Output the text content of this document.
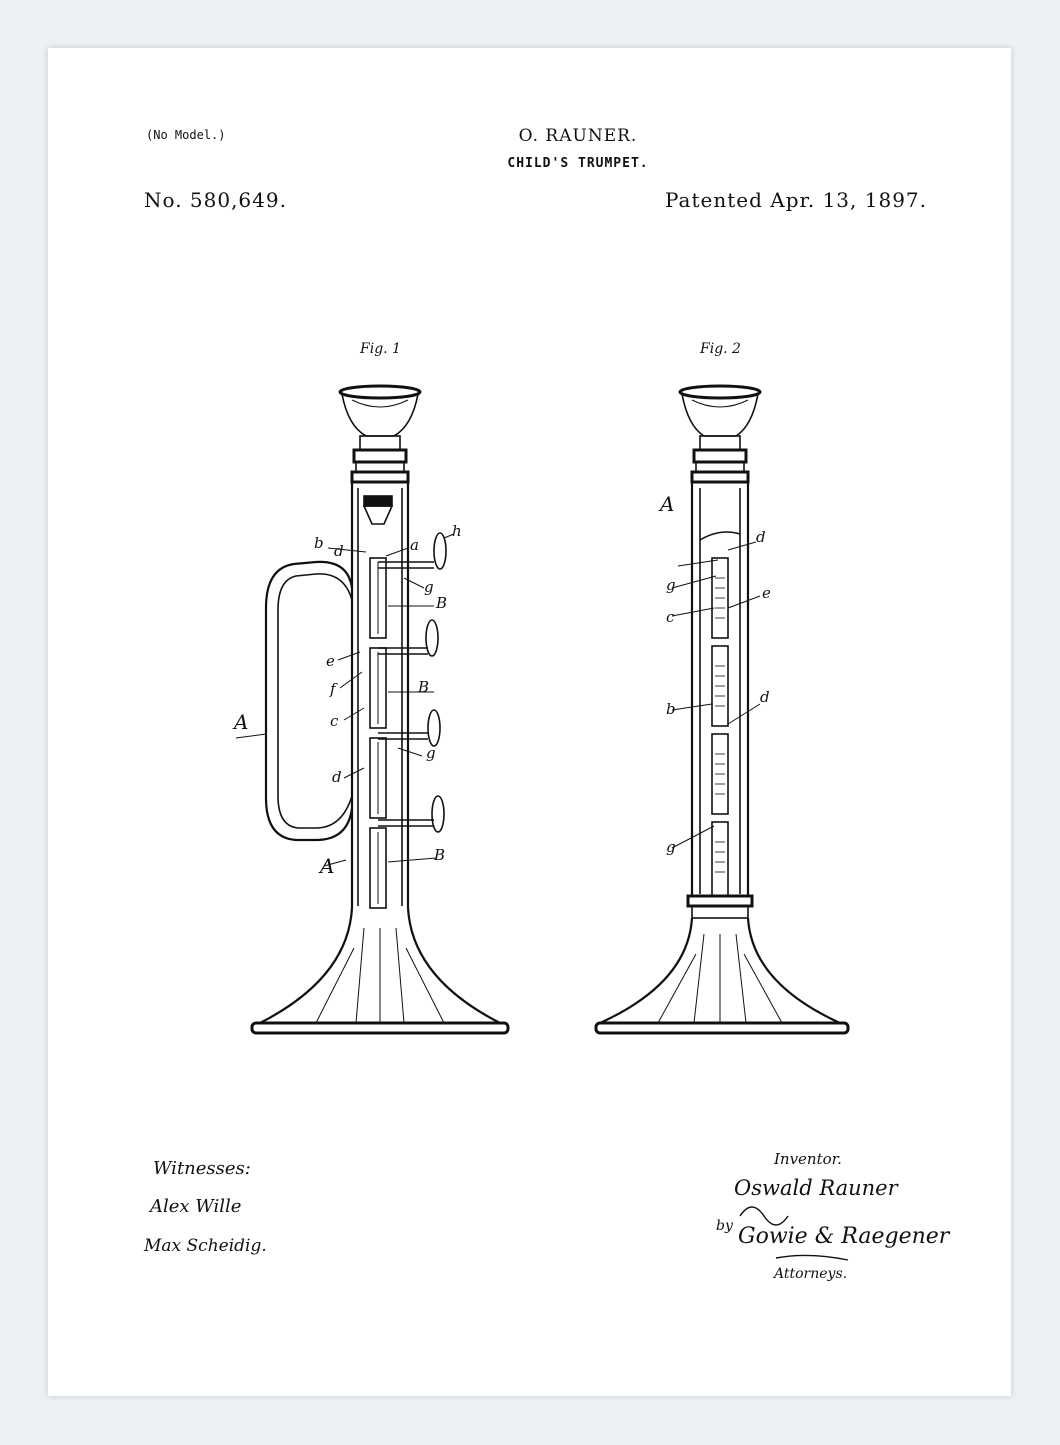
(No Model.)	O. RAUNER.
CHILD'S TRUMPET.
No. 580,649.	Patented Apr. 13, 1897.
Fig. 1	Fig. 2
b d	a
h
g
B
e
f	B
c
A
g
d
B
A
A
d
g
c
e
b
d
g
Witnesses:
Alex Wille
Max Scheidig.
Inventor.
Oswald Rauner
by Gowie & Raegener
Attorneys.
